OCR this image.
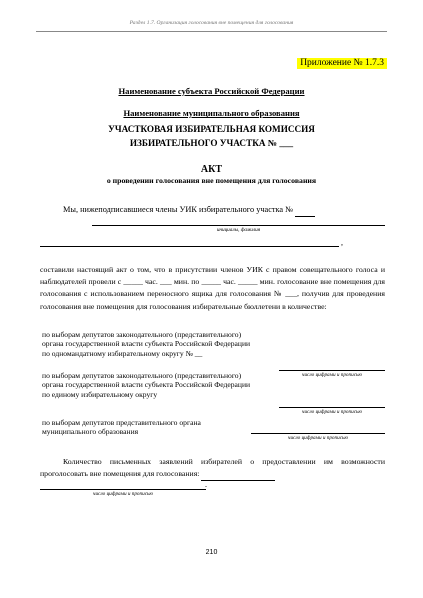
Раздел 1.7. Организация голосования вне помещения для голосования
Приложение № 1.7.3
Наименование субъекта Российской Федерации
Наименование муниципального образования
УЧАСТКОВАЯ ИЗБИРАТЕЛЬНАЯ КОМИССИЯ
ИЗБИРАТЕЛЬНОГО УЧАСТКА № ___
АКТ
о проведении голосования вне помещения для голосования
Мы, нижеподписавшиеся члены УИК избирательного участка №
инициалы, фамилия
,
составили настоящий акт о том, что в присутствии членов УИК с правом совещательного голоса и наблюдателей провели с _____ час. ___ мин. по _____ час. _____ мин. голосование вне помещения для голосования с использованием переносного ящика для голосования № ___, получив для проведения голосования вне помещения для голосования избирательные бюллетени в количестве:
по выборам депутатов законодательного (представительного) органа государственной власти субъекта Российской Федерации по одномандатному избирательному округу № __
число цифрами и прописью
по выборам депутатов законодательного (представительного) органа государственной власти субъекта Российской Федерации по единому избирательному округу
число цифрами и прописью
по выборам депутатов представительного органа муниципального образования
число цифрами и прописью
Количество письменных заявлений избирателей о предоставлении им возможности проголосовать вне помещения для голосования:
.
число цифрами и прописью
210
